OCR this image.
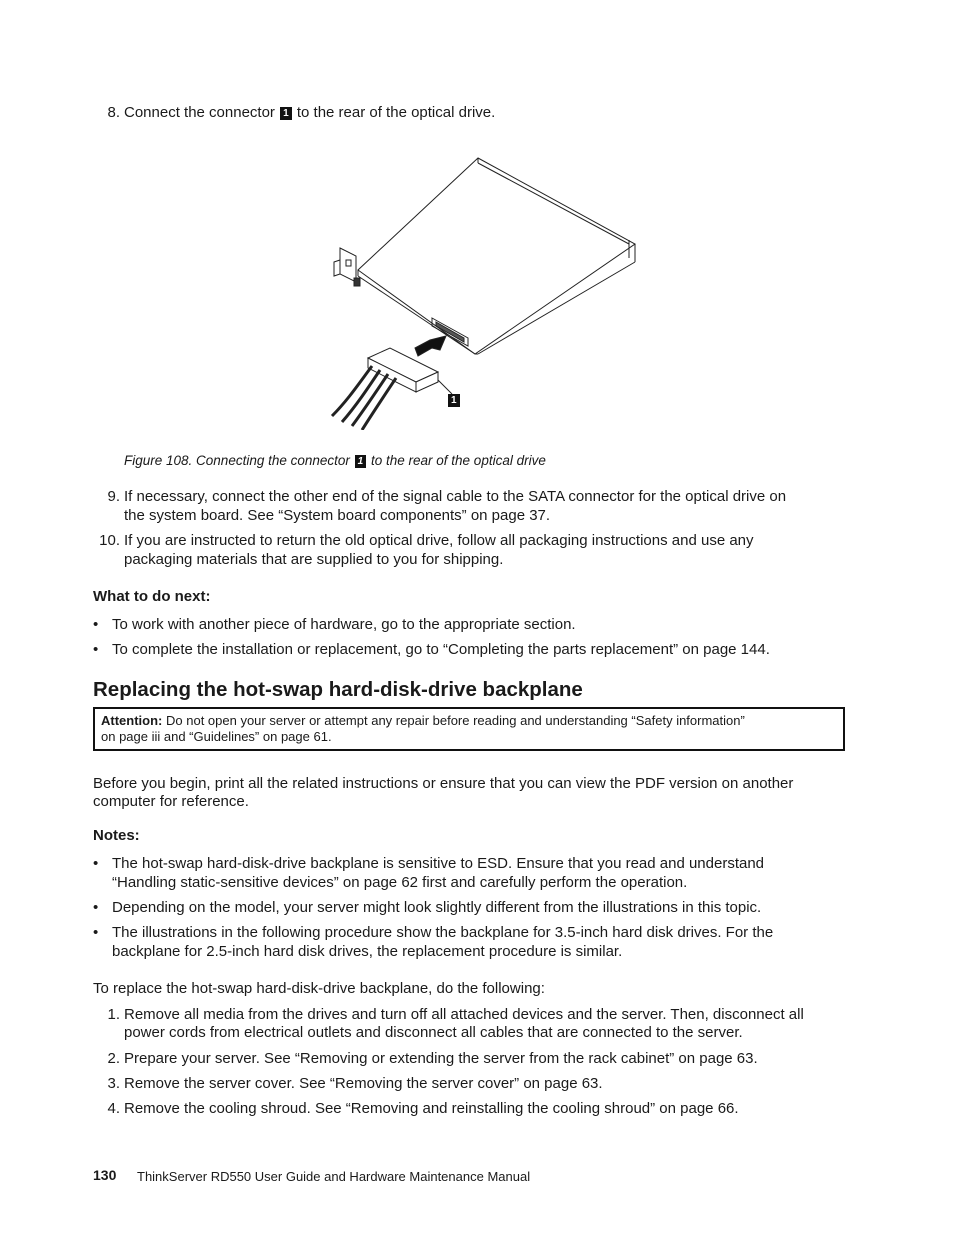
8. Connect the connector 1 to the rear of the optical drive.
1
Figure 108. Connecting the connector 1 to the rear of the optical drive
9. If necessary, connect the other end of the signal cable to the SATA connector for the optical drive on
the system board. See “System board components” on page 37.
10. If you are instructed to return the old optical drive, follow all packaging instructions and use any
packaging materials that are supplied to you for shipping.
What to do next:
• To work with another piece of hardware, go to the appropriate section.
• To complete the installation or replacement, go to “Completing the parts replacement” on page 144.
Replacing the hot-swap hard-disk-drive backplane
Attention: Do not open your server or attempt any repair before reading and understanding “Safety information”
on page iii and “Guidelines” on page 61.
Before you begin, print all the related instructions or ensure that you can view the PDF version on another
computer for reference.
Notes:
• The hot-swap hard-disk-drive backplane is sensitive to ESD. Ensure that you read and understand
“Handling static-sensitive devices” on page 62 first and carefully perform the operation.
• Depending on the model, your server might look slightly different from the illustrations in this topic.
• The illustrations in the following procedure show the backplane for 3.5-inch hard disk drives. For the
backplane for 2.5-inch hard disk drives, the replacement procedure is similar.
To replace the hot-swap hard-disk-drive backplane, do the following:
1. Remove all media from the drives and turn off all attached devices and the server. Then, disconnect all
power cords from electrical outlets and disconnect all cables that are connected to the server.
2. Prepare your server. See “Removing or extending the server from the rack cabinet” on page 63.
3. Remove the server cover. See “Removing the server cover” on page 63.
4. Remove the cooling shroud. See “Removing and reinstalling the cooling shroud” on page 66.
130 ThinkServer RD550 User Guide and Hardware Maintenance Manual
